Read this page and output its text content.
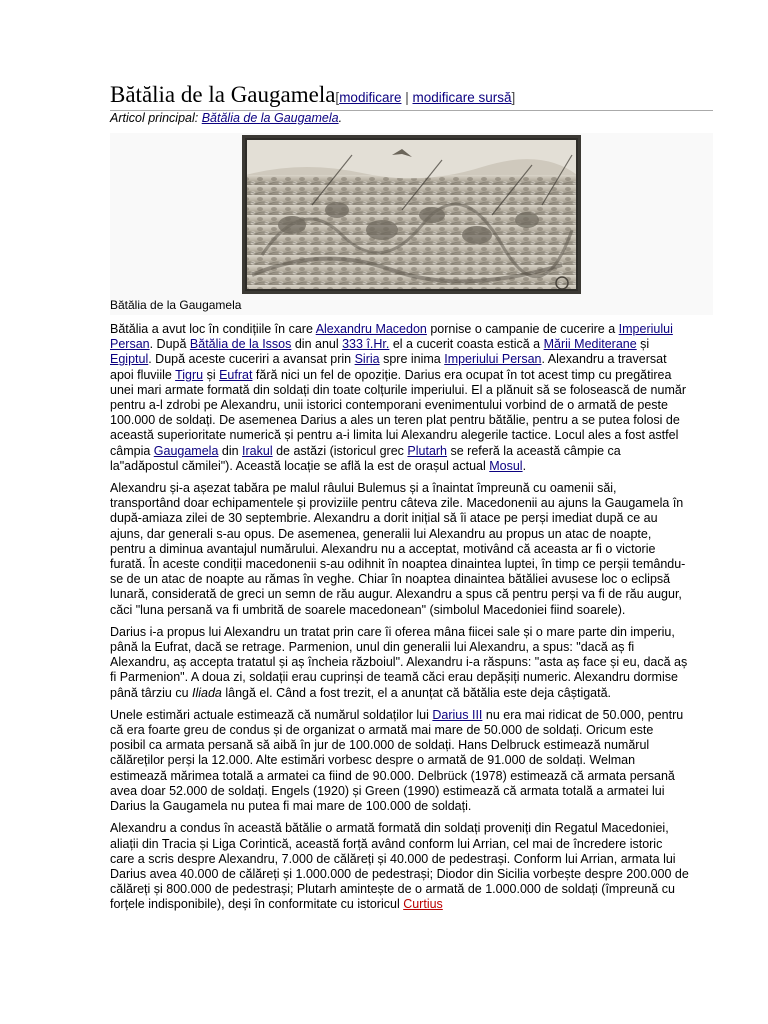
Bătălia de la Gaugamela[modificare | modificare sursă]
Articol principal: Bătălia de la Gaugamela.
Bătălia de la Gaugamela

Bătălia a avut loc în condițiile în care Alexandru Macedon pornise o campanie de cucerire a Imperiului Persan. După Bătălia de la Issos din anul 333 î.Hr. el a cucerit coasta estică a Mării Mediterane și Egiptul. După aceste cuceriri a avansat prin Siria spre inima Imperiului Persan. Alexandru a traversat apoi fluviile Tigru și Eufrat fără nici un fel de opoziție. Darius era ocupat în tot acest timp cu pregătirea unei mari armate formată din soldați din toate colțurile imperiului. El a plănuit să se folosească de număr pentru a-l zdrobi pe Alexandru, unii istorici contemporani evenimentului vorbind de o armată de peste 100.000 de soldați. De asemenea Darius a ales un teren plat pentru bătălie, pentru a se putea folosi de această superioritate numerică și pentru a-i limita lui Alexandru alegerile tactice. Locul ales a fost astfel câmpia Gaugamela din Irakul de astăzi (istoricul grec Plutarh se referă la această câmpie ca la"adăpostul cămilei"). Această locație se află la est de orașul actual Mosul.

Alexandru și-a așezat tabăra pe malul râului Bulemus și a înaintat împreună cu oamenii săi, transportând doar echipamentele și proviziile pentru câteva zile. Macedonenii au ajuns la Gaugamela în după-amiaza zilei de 30 septembrie. Alexandru a dorit inițial să îi atace pe perși imediat după ce au ajuns, dar generali s-au opus. De asemenea, generalii lui Alexandru au propus un atac de noapte, pentru a diminua avantajul numărului. Alexandru nu a acceptat, motivând că aceasta ar fi o victorie furată. În aceste condiții macedonenii s-au odihnit în noaptea dinaintea luptei, în timp ce perșii temându-se de un atac de noapte au rămas în veghe. Chiar în noaptea dinaintea bătăliei avusese loc o eclipsă lunară, considerată de greci un semn de rău augur. Alexandru a spus că pentru perși va fi de rău augur, căci "luna persană va fi umbrită de soarele macedonean" (simbolul Macedoniei fiind soarele).

Darius i-a propus lui Alexandru un tratat prin care îi oferea mâna fiicei sale și o mare parte din imperiu, până la Eufrat, dacă se retrage. Parmenion, unul din generalii lui Alexandru, a spus: "dacă aș fi Alexandru, aș accepta tratatul și aș încheia războiul". Alexandru i-a răspuns: "asta aș face și eu, dacă aș fi Parmenion". A doua zi, soldații erau cuprinși de teamă căci erau depășiți numeric. Alexandru dormise până târziu cu Iliada lângă el. Când a fost trezit, el a anunțat că bătălia este deja câștigată.

Unele estimări actuale estimează că numărul soldaților lui Darius III nu era mai ridicat de 50.000, pentru că era foarte greu de condus și de organizat o armată mai mare de 50.000 de soldați. Oricum este posibil ca armata persană să aibă în jur de 100.000 de soldați. Hans Delbruck estimează numărul călăreților perși la 12.000. Alte estimări vorbesc despre o armată de 91.000 de soldați. Welman estimează mărimea totală a armatei ca fiind de 90.000. Delbrück (1978) estimează că armata persană avea doar 52.000 de soldați. Engels (1920) și Green (1990) estimează că armata totală a armatei lui Darius la Gaugamela nu putea fi mai mare de 100.000 de soldați.

Alexandru a condus în această bătălie o armată formată din soldați proveniți din Regatul Macedoniei, aliații din Tracia și Liga Corintică, această forță având conform lui Arrian, cel mai de încredere istoric care a scris despre Alexandru, 7.000 de călăreți și 40.000 de pedestrași. Conform lui Arrian, armata lui Darius avea 40.000 de călăreți și 1.000.000 de pedestrași; Diodor din Sicilia vorbește despre 200.000 de călăreți și 800.000 de pedestrași; Plutarh amintește de o armată de 1.000.000 de soldați (împreună cu forțele indisponibile), deși în conformitate cu istoricul Curtius
